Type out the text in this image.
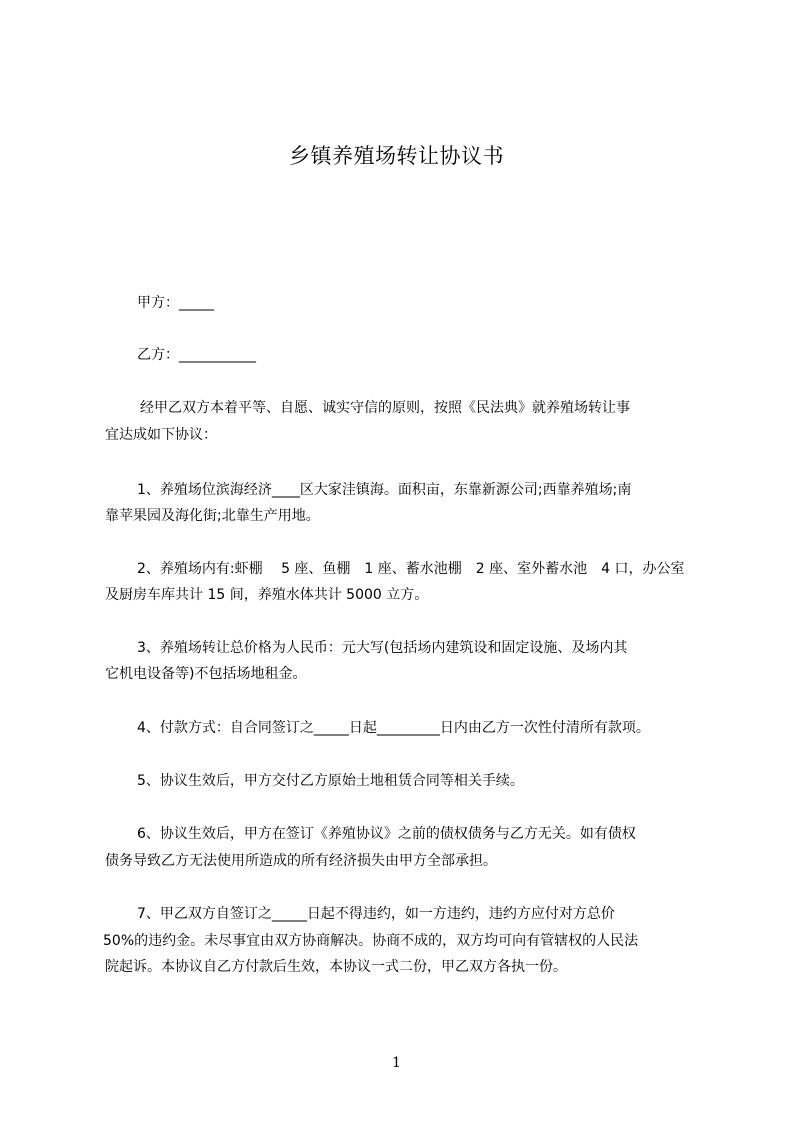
乡镇养殖场转让协议书
甲方：_____
乙方：___________
经甲乙双方本着平等、自愿、诚实守信的原则，按照《民法典》就养殖场转让事
宜达成如下协议：
1、养殖场位滨海经济____区大家洼镇海。面积亩，东靠新源公司;西靠养殖场;南
靠苹果园及海化街;北靠生产用地。
2、养殖场内有:虾棚　 5 座、鱼棚　1 座、蓄水池棚　2 座、室外蓄水池　4 口，办公室
及厨房车库共计 15 间，养殖水体共计 5000 立方。
3、养殖场转让总价格为人民币：元大写(包括场内建筑设和固定设施、及场内其
它机电设备等)不包括场地租金。
4、付款方式：自合同签订之_____日起_________日内由乙方一次性付清所有款项。
5、协议生效后，甲方交付乙方原始土地租赁合同等相关手续。
6、协议生效后，甲方在签订《养殖协议》之前的债权债务与乙方无关。如有债权
债务导致乙方无法使用所造成的所有经济损失由甲方全部承担。
7、甲乙双方自签订之_____日起不得违约，如一方违约，违约方应付对方总价
50%的违约金。未尽事宜由双方协商解决。协商不成的，双方均可向有管辖权的人民法
院起诉。本协议自乙方付款后生效，本协议一式二份，甲乙双方各执一份。
1
